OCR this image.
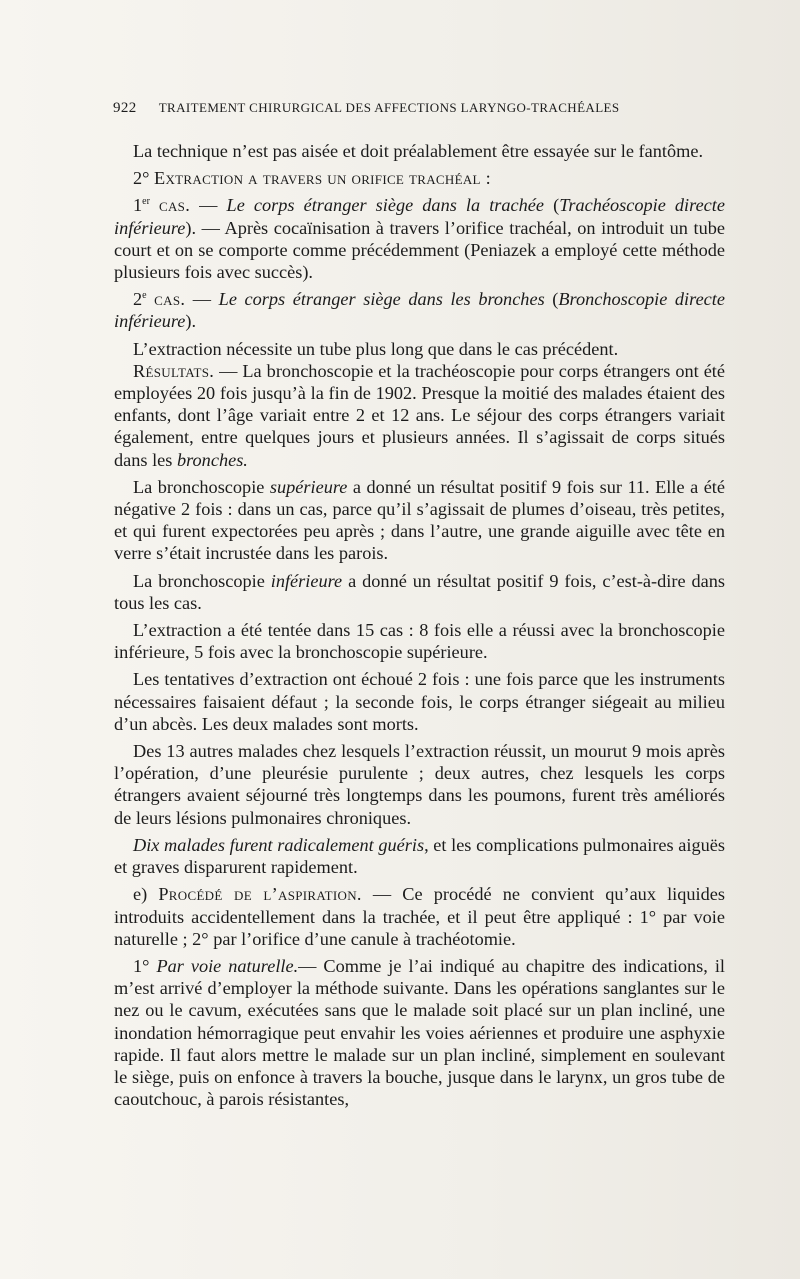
922 TRAITEMENT CHIRURGICAL DES AFFECTIONS LARYNGO-TRACHÉALES

La technique n’est pas aisée et doit préalablement être essayée sur le fantôme.

2° Extraction a travers un orifice trachéal :

1er cas. — Le corps étranger siège dans la trachée (Trachéoscopie directe inférieure). — Après cocaïnisation à travers l’orifice trachéal, on introduit un tube court et on se comporte comme précédemment (Peniazek a employé cette méthode plusieurs fois avec succès).

2e cas. — Le corps étranger siège dans les bronches (Bronchoscopie directe inférieure).

L’extraction nécessite un tube plus long que dans le cas précédent.

Résultats. — La bronchoscopie et la trachéoscopie pour corps étrangers ont été employées 20 fois jusqu’à la fin de 1902. Presque la moitié des malades étaient des enfants, dont l’âge variait entre 2 et 12 ans. Le séjour des corps étrangers variait également, entre quelques jours et plusieurs années. Il s’agissait de corps situés dans les bronches.

La bronchoscopie supérieure a donné un résultat positif 9 fois sur 11. Elle a été négative 2 fois : dans un cas, parce qu’il s’agissait de plumes d’oiseau, très petites, et qui furent expectorées peu après ; dans l’autre, une grande aiguille avec tête en verre s’était incrustée dans les parois.

La bronchoscopie inférieure a donné un résultat positif 9 fois, c’est-à-dire dans tous les cas.

L’extraction a été tentée dans 15 cas : 8 fois elle a réussi avec la bronchoscopie inférieure, 5 fois avec la bronchoscopie supérieure.

Les tentatives d’extraction ont échoué 2 fois : une fois parce que les instruments nécessaires faisaient défaut ; la seconde fois, le corps étranger siégeait au milieu d’un abcès. Les deux malades sont morts.

Des 13 autres malades chez lesquels l’extraction réussit, un mourut 9 mois après l’opération, d’une pleurésie purulente ; deux autres, chez lesquels les corps étrangers avaient séjourné très longtemps dans les poumons, furent très améliorés de leurs lésions pulmonaires chroniques.

Dix malades furent radicalement guéris, et les complications pulmonaires aiguës et graves disparurent rapidement.

e) Procédé de l’aspiration. — Ce procédé ne convient qu’aux liquides introduits accidentellement dans la trachée, et il peut être appliqué : 1° par voie naturelle ; 2° par l’orifice d’une canule à trachéotomie.

1° Par voie naturelle.— Comme je l’ai indiqué au chapitre des indications, il m’est arrivé d’employer la méthode suivante. Dans les opérations sanglantes sur le nez ou le cavum, exécutées sans que le malade soit placé sur un plan incliné, une inondation hémorragique peut envahir les voies aériennes et produire une asphyxie rapide. Il faut alors mettre le malade sur un plan incliné, simplement en soulevant le siège, puis on enfonce à travers la bouche, jusque dans le larynx, un gros tube de caoutchouc, à parois résistantes,
